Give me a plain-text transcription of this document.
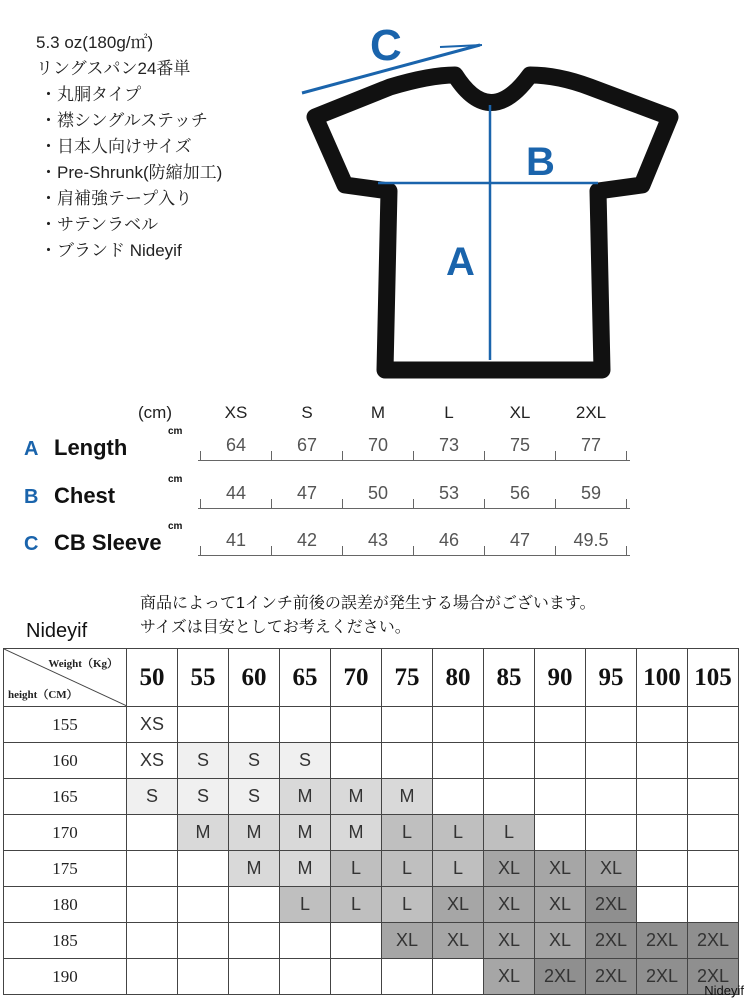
5.3 oz(180g/㎡)
リングスパン24番単
・丸胴タイプ
・襟シングルステッチ
・日本人向けサイズ
・Pre-Shrunk(防縮加工)
・肩補強テープ入り
・サテンラベル
・ブランド Nideyif
C
B
A
(cm)	XS	S	M	L	XL	2XL
A Length
cm
64	67	70	73	75	77
B Chest
cm
44	47	50	53	56	59
C CB Sleeve
cm
41	42	43	46	47	49.5
商品によって1インチ前後の誤差が発生する場合がございます。
サイズは目安としてお考えください。
Nideyif
Weight（Kg）
height（CM）	50	55	60	65	70	75	80	85	90	95	100	105
155	XS											
160	XS	S	S	S								
165	S	S	S	M	M	M						
170		M	M	M	M	L	L	L				
175			M	M	L	L	L	XL	XL	XL		
180				L	L	L	XL	XL	XL	2XL		
185						XL	XL	XL	XL	2XL	2XL	2XL
190								XL	2XL	2XL	2XL	2XL
Nideyif
